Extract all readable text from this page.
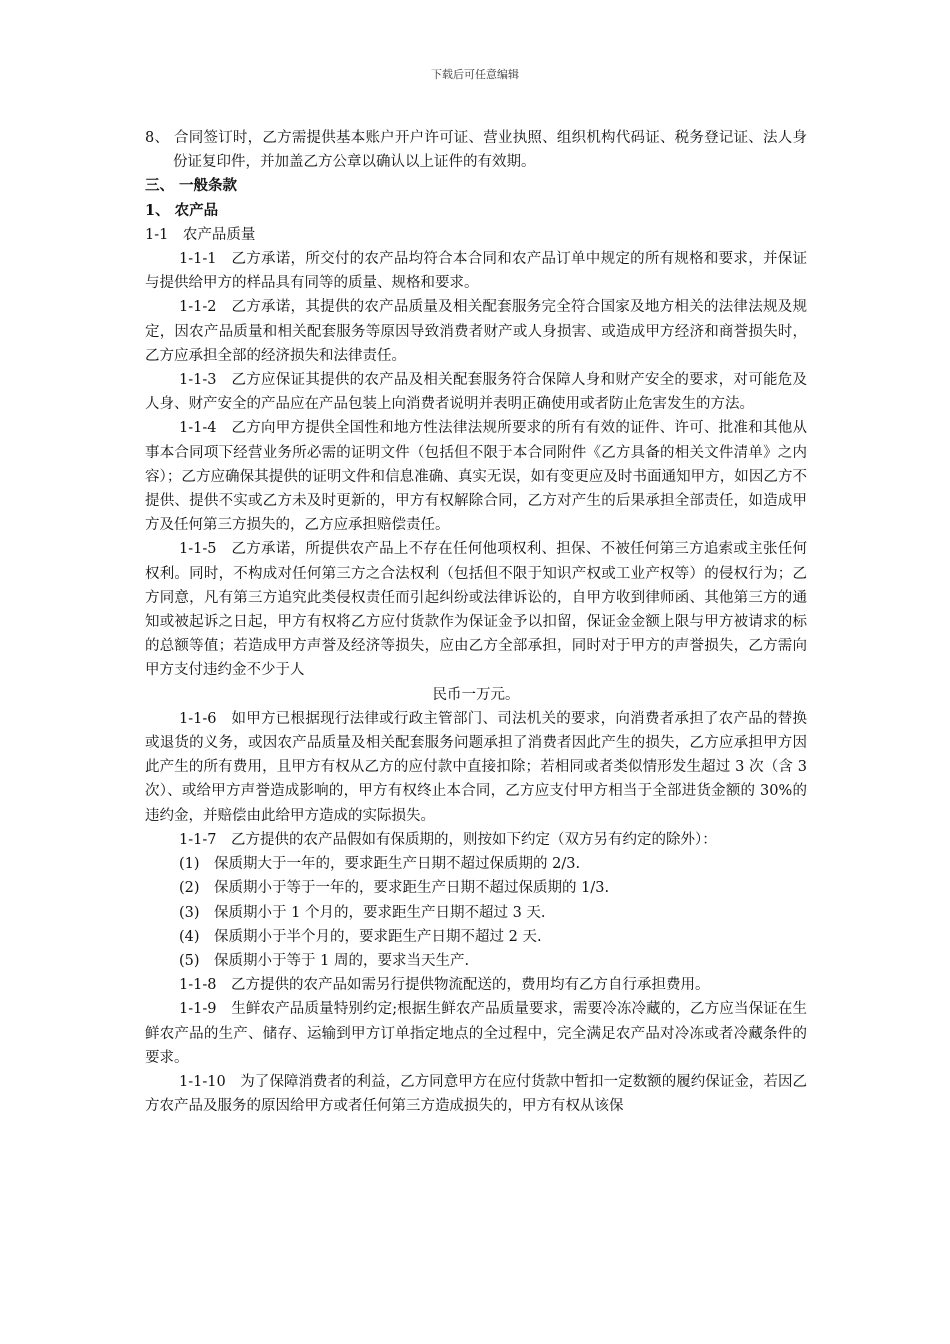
下载后可任意编辑

8、 合同签订时，乙方需提供基本账户开户许可证、营业执照、组织机构代码证、税务登记证、法人身份证复印件，并加盖乙方公章以确认以上证件的有效期。

三、 一般条款

1、 农产品

1-1　农产品质量

1-1-1　乙方承诺，所交付的农产品均符合本合同和农产品订单中规定的所有规格和要求，并保证与提供给甲方的样品具有同等的质量、规格和要求。

1-1-2　乙方承诺，其提供的农产品质量及相关配套服务完全符合国家及地方相关的法律法规及规定，因农产品质量和相关配套服务等原因导致消费者财产或人身损害、或造成甲方经济和商誉损失时，乙方应承担全部的经济损失和法律责任。

1-1-3　乙方应保证其提供的农产品及相关配套服务符合保障人身和财产安全的要求，对可能危及人身、财产安全的产品应在产品包装上向消费者说明并表明正确使用或者防止危害发生的方法。

1-1-4　乙方向甲方提供全国性和地方性法律法规所要求的所有有效的证件、许可、批准和其他从事本合同项下经营业务所必需的证明文件（包括但不限于本合同附件《乙方具备的相关文件清单》之内容）；乙方应确保其提供的证明文件和信息准确、真实无误，如有变更应及时书面通知甲方，如因乙方不提供、提供不实或乙方未及时更新的，甲方有权解除合同，乙方对产生的后果承担全部责任，如造成甲方及任何第三方损失的，乙方应承担赔偿责任。

1-1-5　乙方承诺，所提供农产品上不存在任何他项权利、担保、不被任何第三方追索或主张任何权利。同时，不构成对任何第三方之合法权利（包括但不限于知识产权或工业产权等）的侵权行为；乙方同意，凡有第三方追究此类侵权责任而引起纠纷或法律诉讼的，自甲方收到律师函、其他第三方的通知或被起诉之日起，甲方有权将乙方应付货款作为保证金予以扣留，保证金金额上限与甲方被请求的标的总额等值；若造成甲方声誉及经济等损失，应由乙方全部承担，同时对于甲方的声誉损失，乙方需向甲方支付违约金不少于人

民币一万元。

1-1-6　如甲方已根据现行法律或行政主管部门、司法机关的要求，向消费者承担了农产品的替换或退货的义务，或因农产品质量及相关配套服务问题承担了消费者因此产生的损失，乙方应承担甲方因此产生的所有费用，且甲方有权从乙方的应付款中直接扣除；若相同或者类似情形发生超过 3 次（含 3 次）、或给甲方声誉造成影响的，甲方有权终止本合同，乙方应支付甲方相当于全部进货金额的 30%的违约金，并赔偿由此给甲方造成的实际损失。

1-1-7　乙方提供的农产品假如有保质期的，则按如下约定（双方另有约定的除外）：

(1)　保质期大于一年的，要求距生产日期不超过保质期的 2/3.

(2)　保质期小于等于一年的，要求距生产日期不超过保质期的 1/3.

(3)　保质期小于 1 个月的，要求距生产日期不超过 3 天.

(4)　保质期小于半个月的，要求距生产日期不超过 2 天.

(5)　保质期小于等于 1 周的，要求当天生产.

1-1-8　乙方提供的农产品如需另行提供物流配送的，费用均有乙方自行承担费用。

1-1-9　生鲜农产品质量特别约定;根据生鲜农产品质量要求，需要冷冻冷藏的，乙方应当保证在生鲜农产品的生产、储存、运输到甲方订单指定地点的全过程中，完全满足农产品对冷冻或者冷藏条件的要求。

1-1-10　为了保障消费者的利益，乙方同意甲方在应付货款中暂扣一定数额的履约保证金，若因乙方农产品及服务的原因给甲方或者任何第三方造成损失的，甲方有权从该保
